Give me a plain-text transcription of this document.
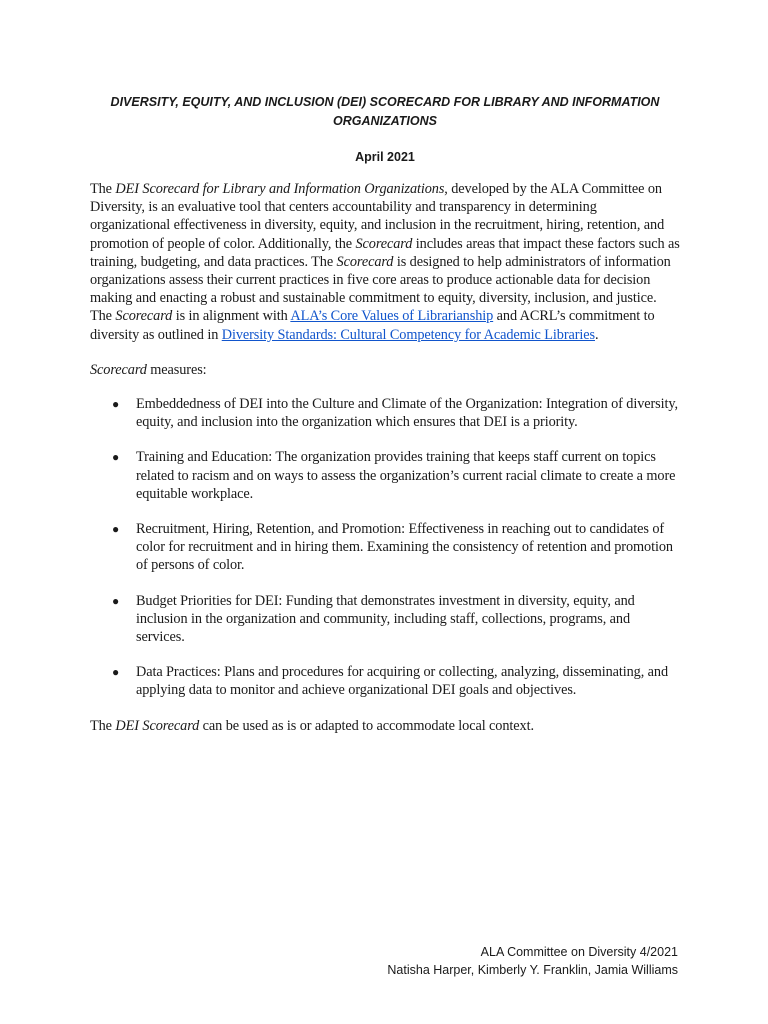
DIVERSITY, EQUITY, AND INCLUSION (DEI) SCORECARD FOR LIBRARY AND INFORMATION ORGANIZATIONS

April 2021

The DEI Scorecard for Library and Information Organizations, developed by the ALA Committee on Diversity, is an evaluative tool that centers accountability and transparency in determining organizational effectiveness in diversity, equity, and inclusion in the recruitment, hiring, retention, and promotion of people of color. Additionally, the Scorecard includes areas that impact these factors such as training, budgeting, and data practices. The Scorecard is designed to help administrators of information organizations assess their current practices in five core areas to produce actionable data for decision making and enacting a robust and sustainable commitment to equity, diversity, inclusion, and justice. The Scorecard is in alignment with ALA’s Core Values of Librarianship and ACRL’s commitment to diversity as outlined in Diversity Standards: Cultural Competency for Academic Libraries.

Scorecard measures:

● Embeddedness of DEI into the Culture and Climate of the Organization: Integration of diversity, equity, and inclusion into the organization which ensures that DEI is a priority.
● Training and Education: The organization provides training that keeps staff current on topics related to racism and on ways to assess the organization’s current racial climate to create a more equitable workplace.
● Recruitment, Hiring, Retention, and Promotion: Effectiveness in reaching out to candidates of color for recruitment and in hiring them. Examining the consistency of retention and promotion of persons of color.
● Budget Priorities for DEI: Funding that demonstrates investment in diversity, equity, and inclusion in the organization and community, including staff, collections, programs, and services.
● Data Practices: Plans and procedures for acquiring or collecting, analyzing, disseminating, and applying data to monitor and achieve organizational DEI goals and objectives.

The DEI Scorecard can be used as is or adapted to accommodate local context.

ALA Committee on Diversity 4/2021
Natisha Harper, Kimberly Y. Franklin, Jamia Williams
